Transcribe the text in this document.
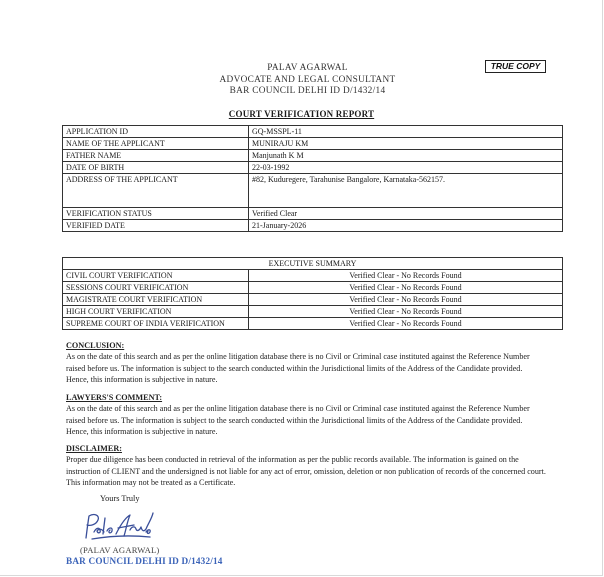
PALAV AGARWAL
ADVOCATE AND LEGAL CONSULTANT
BAR COUNCIL DELHI ID D/1432/14
TRUE COPY
COURT VERIFICATION REPORT
APPLICATION ID	GQ-MSSPL-11
NAME OF THE APPLICANT	MUNIRAJU KM
FATHER NAME	Manjunath K M
DATE OF BIRTH	22-03-1992
ADDRESS OF THE APPLICANT	#82, Kuduregere, Tarahunise Bangalore, Karnataka-562157.
VERIFICATION STATUS	Verified Clear
VERIFIED DATE	21-January-2026
EXECUTIVE SUMMARY	
CIVIL COURT VERIFICATION	Verified Clear - No Records Found
SESSIONS COURT VERIFICATION	Verified Clear - No Records Found
MAGISTRATE COURT VERIFICATION	Verified Clear - No Records Found
HIGH COURT VERIFICATION	Verified Clear - No Records Found
SUPREME COURT OF INDIA VERIFICATION	Verified Clear - No Records Found
CONCLUSION:
As on the date of this search and as per the online litigation database there is no Civil or Criminal case instituted against the Reference Number raised before us. The information is subject to the search conducted within the Jurisdictional limits of the Address of the Candidate provided. Hence, this information is subjective in nature.
LAWYERS'S COMMENT:
As on the date of this search and as per the online litigation database there is no Civil or Criminal case instituted against the Reference Number raised before us. The information is subject to the search conducted within the Jurisdictional limits of the Address of the Candidate provided. Hence, this information is subjective in nature.
DISCLAIMER:
Proper due diligence has been conducted in retrieval of the information as per the public records available. The information is gained on the instruction of CLIENT and the undersigned is not liable for any act of error, omission, deletion or non publication of records of the concerned court. This information may not be treated as a Certificate.
Yours Truly
(PALAV AGARWAL)
BAR COUNCIL DELHI ID D/1432/14
